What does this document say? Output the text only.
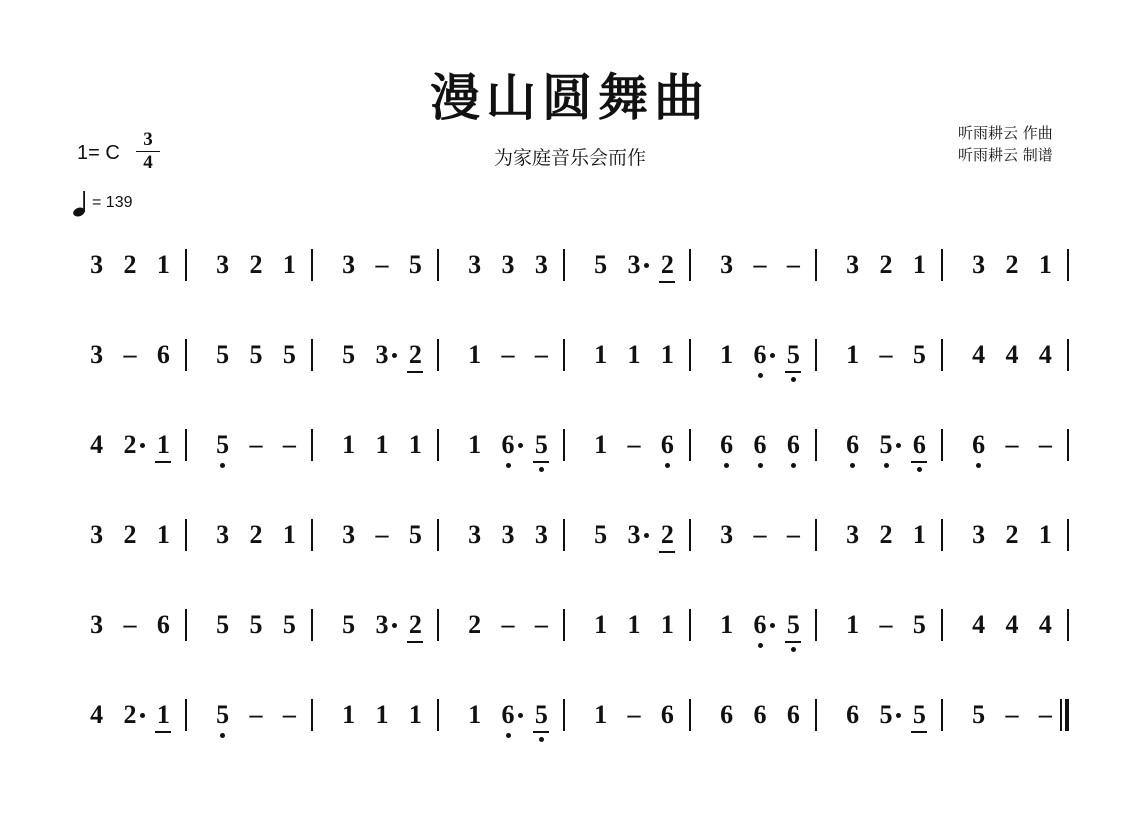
漫山圆舞曲
为家庭音乐会而作
听雨耕云 作曲
听雨耕云 制谱
1= C
3
4
= 139
3 2 1 3 2 1 3 – 5 3 3 3 5 3 2 3 – – 3 2 1 3 2 1
3 – 6 5 5 5 5 3 2 1 – – 1 1 1 1 6 5 1 – 5 4 4 4
4 2 1 5 – – 1 1 1 1 6 5 1 – 6 6 6 6 6 5 6 6 – –
3 2 1 3 2 1 3 – 5 3 3 3 5 3 2 3 – – 3 2 1 3 2 1
3 – 6 5 5 5 5 3 2 2 – – 1 1 1 1 6 5 1 – 5 4 4 4
4 2 1 5 – – 1 1 1 1 6 5 1 – 6 6 6 6 6 5 5 5 – –
